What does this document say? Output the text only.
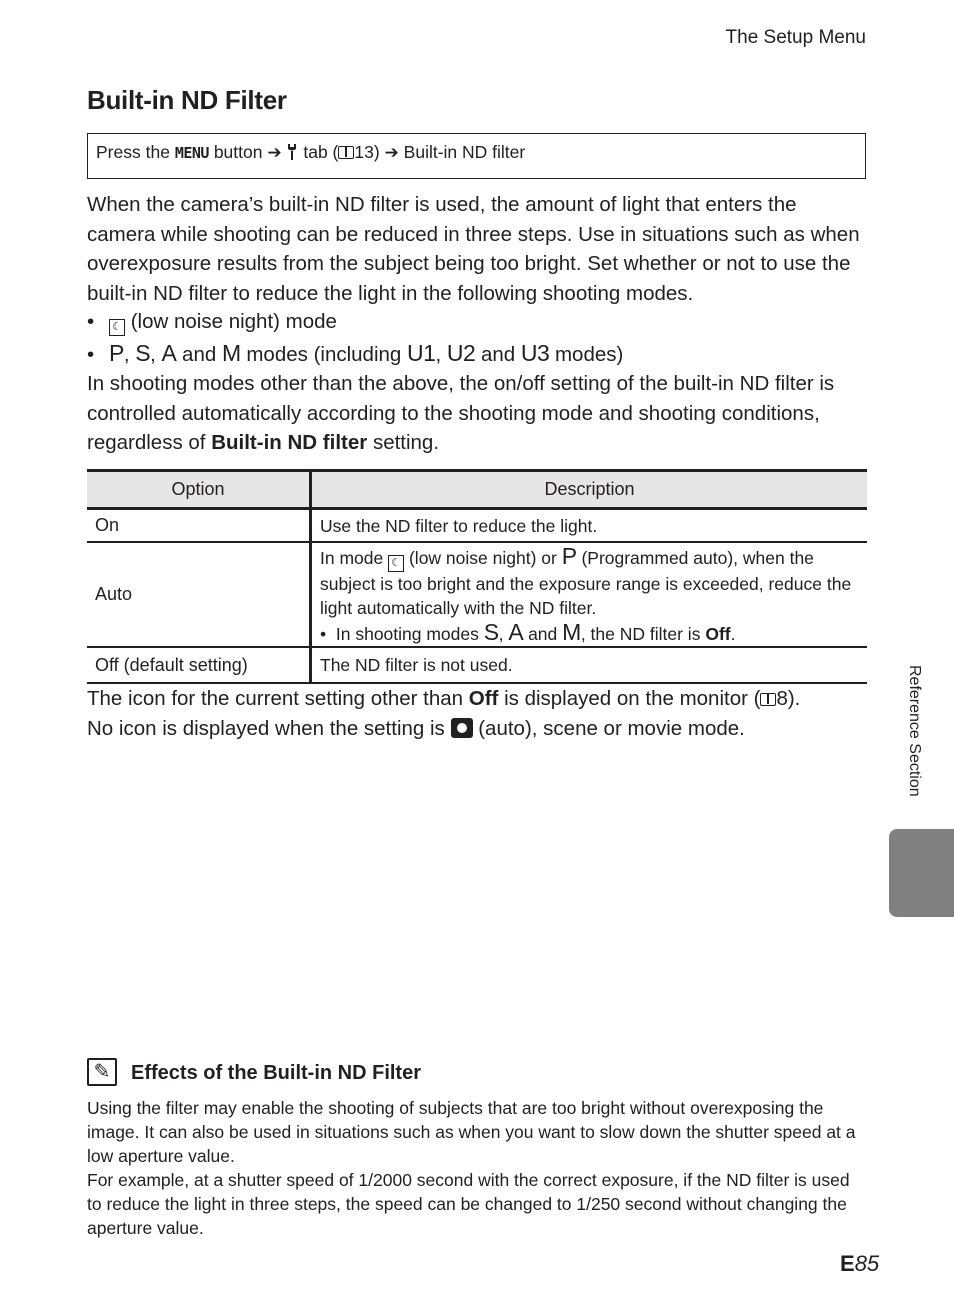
The Setup Menu
Built-in ND Filter
Press the MENU button ➔ tab ( 13) ➔ Built-in ND filter

When the camera’s built-in ND filter is used, the amount of light that enters the camera while shooting can be reduced in three steps. Use in situations such as when overexposure results from the subject being too bright. Set whether or not to use the built-in ND filter to reduce the light in the following shooting modes.

• ☾ (low noise night) mode
• P, S, A and M modes (including U1, U2 and U3 modes)

In shooting modes other than the above, the on/off setting of the built-in ND filter is controlled automatically according to the shooting mode and shooting conditions, regardless of Built-in ND filter setting.

Option	Description
On	Use the ND filter to reduce the light.
Auto	In mode ☾ (low noise night) or P (Programmed auto), when the subject is too bright and the exposure range is exceeded, reduce the light automatically with the ND filter.
• In shooting modes S, A and M, the ND filter is Off.

Off (default setting)	The ND filter is not used.

The icon for the current setting other than Off is displayed on the monitor ( 8).
No icon is displayed when the setting is (auto), scene or movie mode.

✎	Effects of the Built-in ND Filter

Using the filter may enable the shooting of subjects that are too bright without overexposing the image. It can also be used in situations such as when you want to slow down the shutter speed at a low aperture value.

For example, at a shutter speed of 1/2000 second with the correct exposure, if the ND filter is used to reduce the light in three steps, the speed can be changed to 1/250 second without changing the aperture value.

Reference Section
E85
